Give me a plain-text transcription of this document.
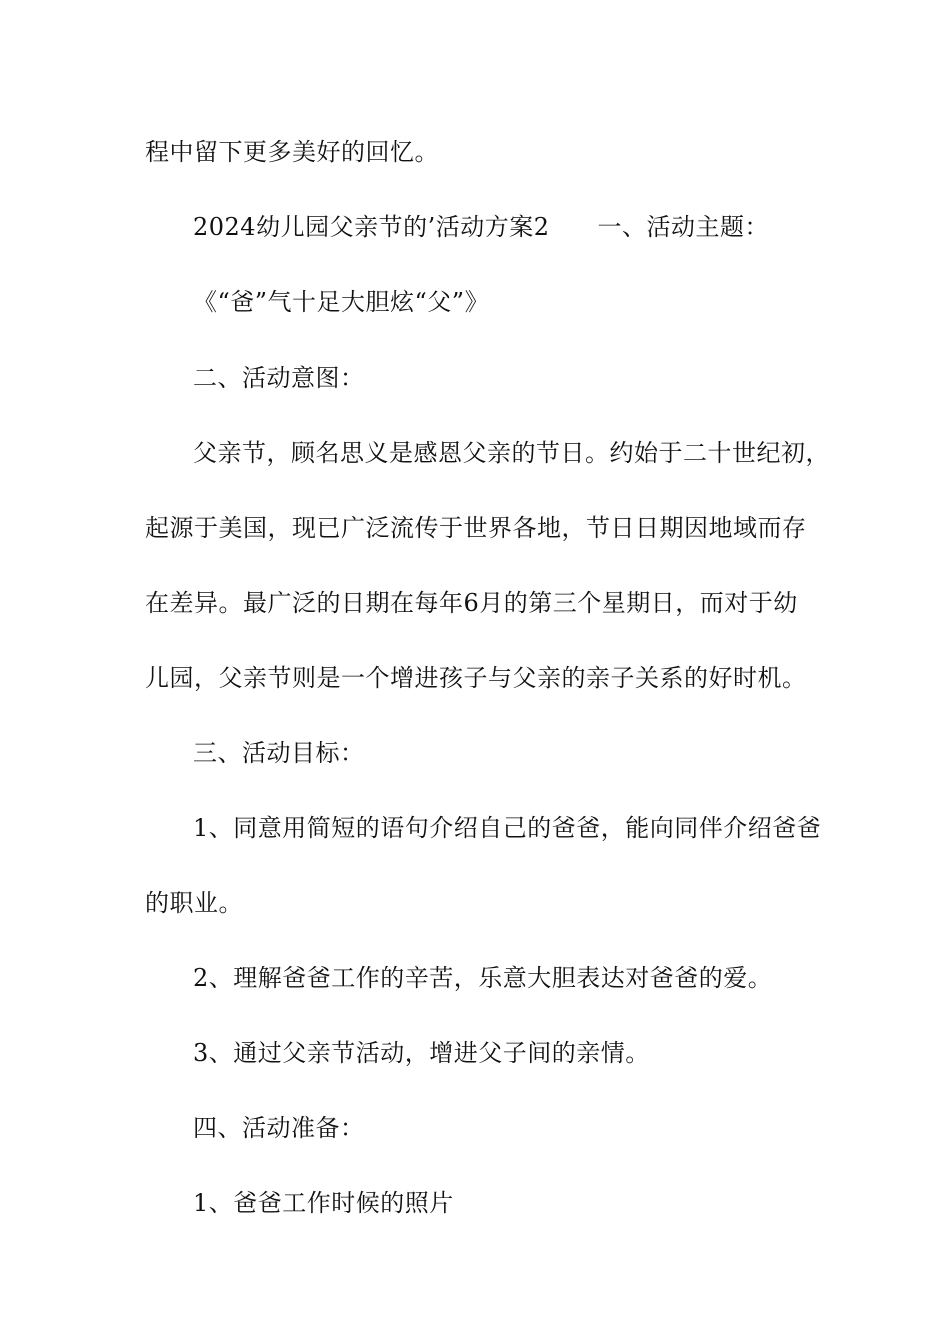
程中留下更多美好的回忆。
2024幼儿园父亲节的’活动方案2 一、活动主题：
《“爸”气十足大胆炫“父”》
二、活动意图：
父亲节，顾名思义是感恩父亲的节日。约始于二十世纪初，
起源于美国，现已广泛流传于世界各地，节日日期因地域而存
在差异。最广泛的日期在每年6月的第三个星期日，而对于幼
儿园，父亲节则是一个增进孩子与父亲的亲子关系的好时机。
三、活动目标：
1、同意用简短的语句介绍自己的爸爸，能向同伴介绍爸爸
的职业。
2、理解爸爸工作的辛苦，乐意大胆表达对爸爸的爱。
3、通过父亲节活动，增进父子间的亲情。
四、活动准备：
1、爸爸工作时候的照片
